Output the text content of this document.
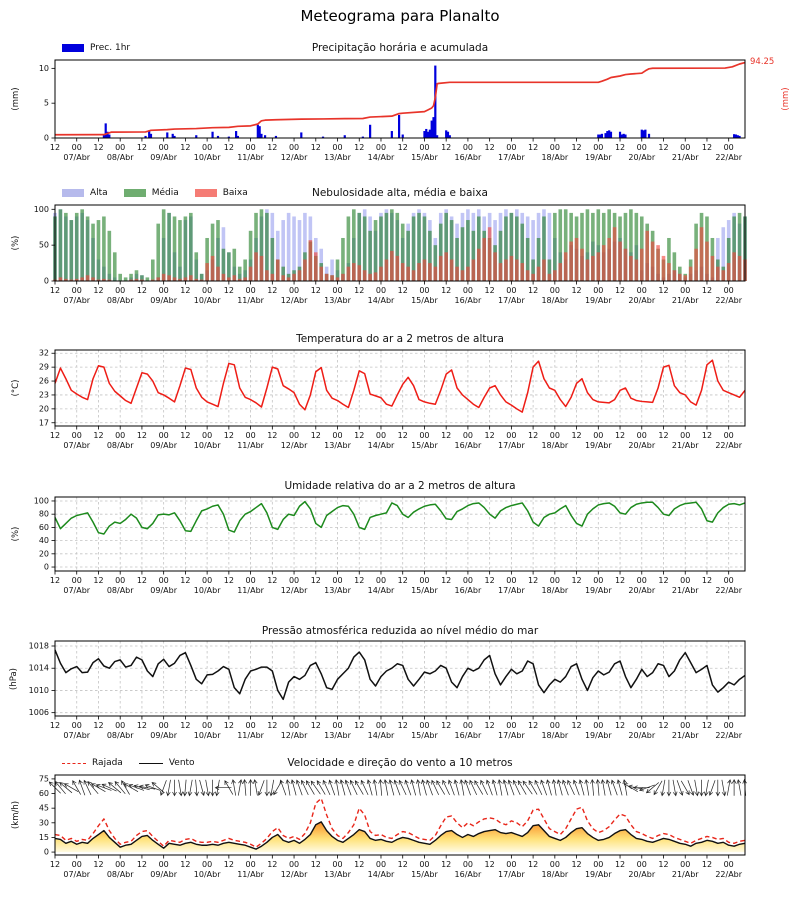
0
5
10
12 00
07/Abr
12 00
08/Abr
12 00
09/Abr
12 00
10/Abr
12 00
11/Abr
12 00
12/Abr
12 00
13/Abr
12 00
14/Abr
12 00
15/Abr
12 00
16/Abr
12 00
17/Abr
12 00
18/Abr
12 00
19/Abr
12 00
20/Abr
12 00
21/Abr
12 00
22/Abr
0
50
100
12 00
07/Abr
12 00
08/Abr
12 00
09/Abr
12 00
10/Abr
12 00
11/Abr
12 00
12/Abr
12 00
13/Abr
12 00
14/Abr
12 00
15/Abr
12 00
16/Abr
12 00
17/Abr
12 00
18/Abr
12 00
19/Abr
12 00
20/Abr
12 00
21/Abr
12 00
22/Abr
17
20
23
26
29
32
12 00
07/Abr
12 00
08/Abr
12 00
09/Abr
12 00
10/Abr
12 00
11/Abr
12 00
12/Abr
12 00
13/Abr
12 00
14/Abr
12 00
15/Abr
12 00
16/Abr
12 00
17/Abr
12 00
18/Abr
12 00
19/Abr
12 00
20/Abr
12 00
21/Abr
12 00
22/Abr
0
20
40
60
80
100
12 00
07/Abr
12 00
08/Abr
12 00
09/Abr
12 00
10/Abr
12 00
11/Abr
12 00
12/Abr
12 00
13/Abr
12 00
14/Abr
12 00
15/Abr
12 00
16/Abr
12 00
17/Abr
12 00
18/Abr
12 00
19/Abr
12 00
20/Abr
12 00
21/Abr
12 00
22/Abr
1006
1010
1014
1018
12 00
07/Abr
12 00
08/Abr
12 00
09/Abr
12 00
10/Abr
12 00
11/Abr
12 00
12/Abr
12 00
13/Abr
12 00
14/Abr
12 00
15/Abr
12 00
16/Abr
12 00
17/Abr
12 00
18/Abr
12 00
19/Abr
12 00
20/Abr
12 00
21/Abr
12 00
22/Abr
0
15
30
45
60
75
12 00
07/Abr
12 00
08/Abr
12 00
09/Abr
12 00
10/Abr
12 00
11/Abr
12 00
12/Abr
12 00
13/Abr
12 00
14/Abr
12 00
15/Abr
12 00
16/Abr
12 00
17/Abr
12 00
18/Abr
12 00
19/Abr
12 00
20/Abr
12 00
21/Abr
12 00
22/Abr
Meteograma para Planalto
Precipitação horária e acumulada
Prec. 1hr
Nebulosidade alta, média e baixa
Alta	Média	Baixa
Temperatura do ar a 2 metros de altura
Umidade relativa do ar a 2 metros de altura
Pressão atmosférica reduzida ao nível médio do mar
Velocidade e direção do vento a 10 metros
Rajada	Vento
(mm)
(%)
(°C)
(%)
(hPa)
(km/h)
94.25
(mm)
